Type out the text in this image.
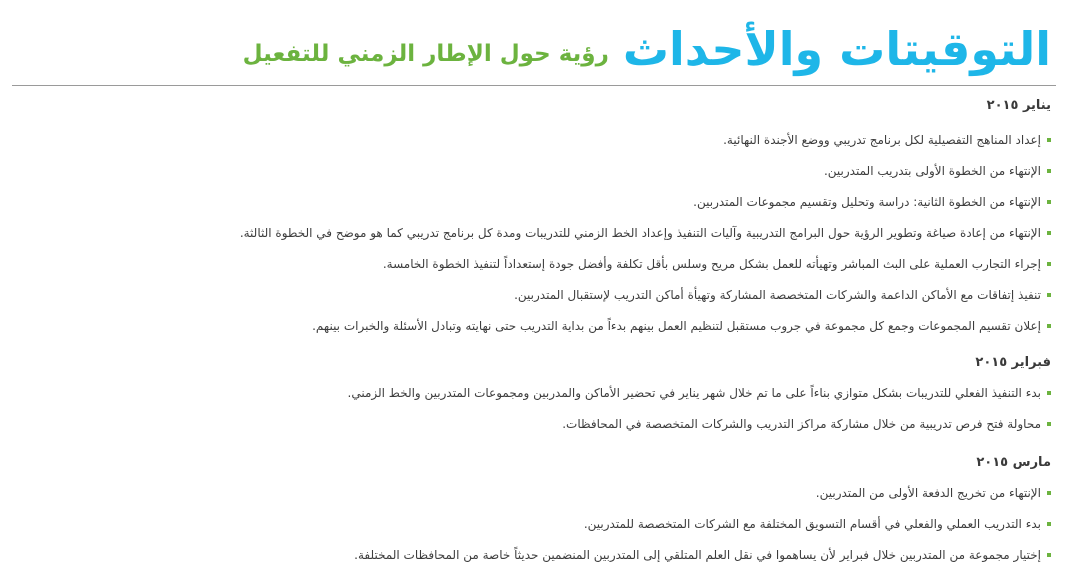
التوقيتات والأحداث
رؤية حول الإطار الزمني للتفعيل
يناير ٢٠١٥
إعداد المناهج التفصيلية لكل برنامج تدريبي ووضع الأجندة النهائية.
الإنتهاء من الخطوة الأولى بتدريب المتدربين.
الإنتهاء من الخطوة الثانية: دراسة وتحليل وتقسيم مجموعات المتدربين.
الإنتهاء من إعادة صياغة وتطوير الرؤية حول البرامج التدريبية وآليات التنفيذ وإعداد الخط الزمني للتدريبات ومدة كل برنامج تدريبي كما هو موضح في الخطوة الثالثة.
إجراء التجارب العملية على البث المباشر وتهيأته للعمل بشكل مريح وسلس بأقل تكلفة وأفضل جودة إستعداداً لتنفيذ الخطوة الخامسة.
تنفيذ إتفاقات مع الأماكن الداعمة والشركات المتخصصة المشاركة وتهيأة أماكن التدريب لإستقبال المتدربين.
إعلان تقسيم المجموعات وجمع كل مجموعة في جروب مستقبل لتنظيم العمل بينهم بدءاً من بداية التدريب حتى نهايته وتبادل الأسئلة والخبرات بينهم.
فبراير ٢٠١٥
بدء التنفيذ الفعلي للتدريبات بشكل متوازي بناءاً على ما تم خلال شهر يناير في تحضير الأماكن والمدربين ومجموعات المتدربين والخط الزمني.
محاولة فتح فرص تدريبية من خلال مشاركة مراكز التدريب والشركات المتخصصة في المحافظات.
مارس ٢٠١٥
الإنتهاء من تخريج الدفعة الأولى من المتدربين.
بدء التدريب العملي والفعلي في أقسام التسويق المختلفة مع الشركات المتخصصة للمتدربين.
إختيار مجموعة من المتدربين خلال فبراير لأن يساهموا في نقل العلم المتلقي إلى المتدربين المنضمين حديثاً خاصة من المحافظات المختلفة.
